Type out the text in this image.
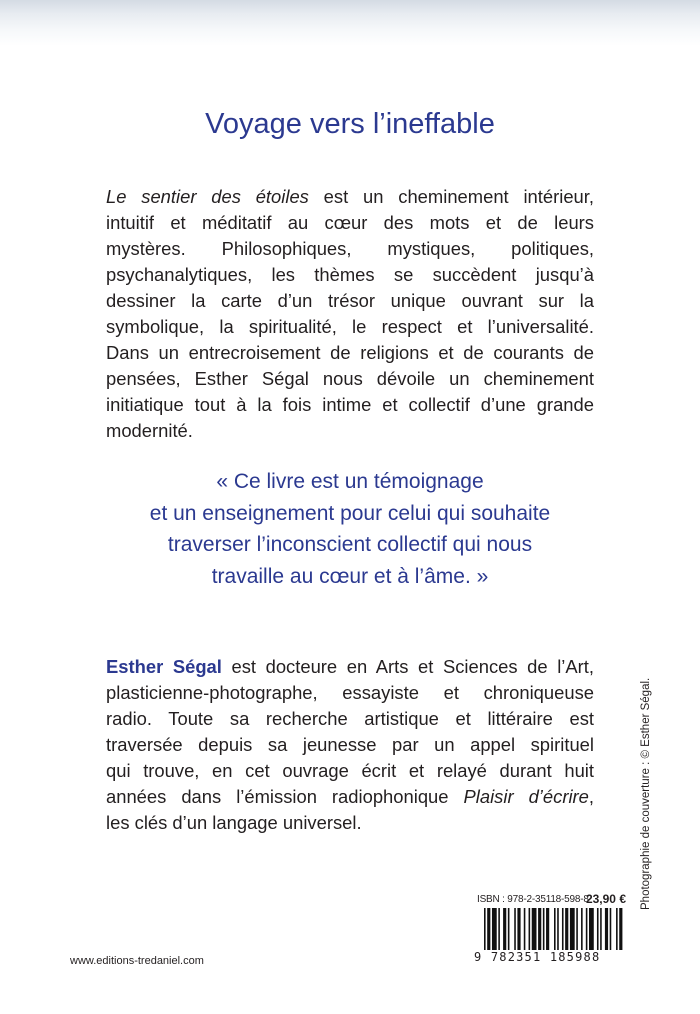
Voyage vers l’ineffable
Le sentier des étoiles est un cheminement intérieur,
intuitif et méditatif au cœur des mots et de leurs
mystères. Philosophiques, mystiques, politiques,
psychanalytiques, les thèmes se succèdent jusqu’à
dessiner la carte d’un trésor unique ouvrant sur la
symbolique, la spiritualité, le respect et l’universalité.
Dans un entrecroisement de religions et de courants de
pensées, Esther Ségal nous dévoile un cheminement
initiatique tout à la fois intime et collectif d’une grande
modernité.
« Ce livre est un témoignage
et un enseignement pour celui qui souhaite
traverser l’inconscient collectif qui nous
travaille au cœur et à l’âme. »
Esther Ségal est docteure en Arts et Sciences de l’Art,
plasticienne-photographe, essayiste et chroniqueuse
radio. Toute sa recherche artistique et littéraire est
traversée depuis sa jeunesse par un appel spirituel
qui trouve, en cet ouvrage écrit et relayé durant huit
années dans l’émission radiophonique Plaisir d’écrire,
les clés d’un langage universel.	Photographie de couverture : © Esther Ségal.
www.editions-tredaniel.com
ISBN : 978-2-35118-598-8
23,90 €
9 782351 185988
